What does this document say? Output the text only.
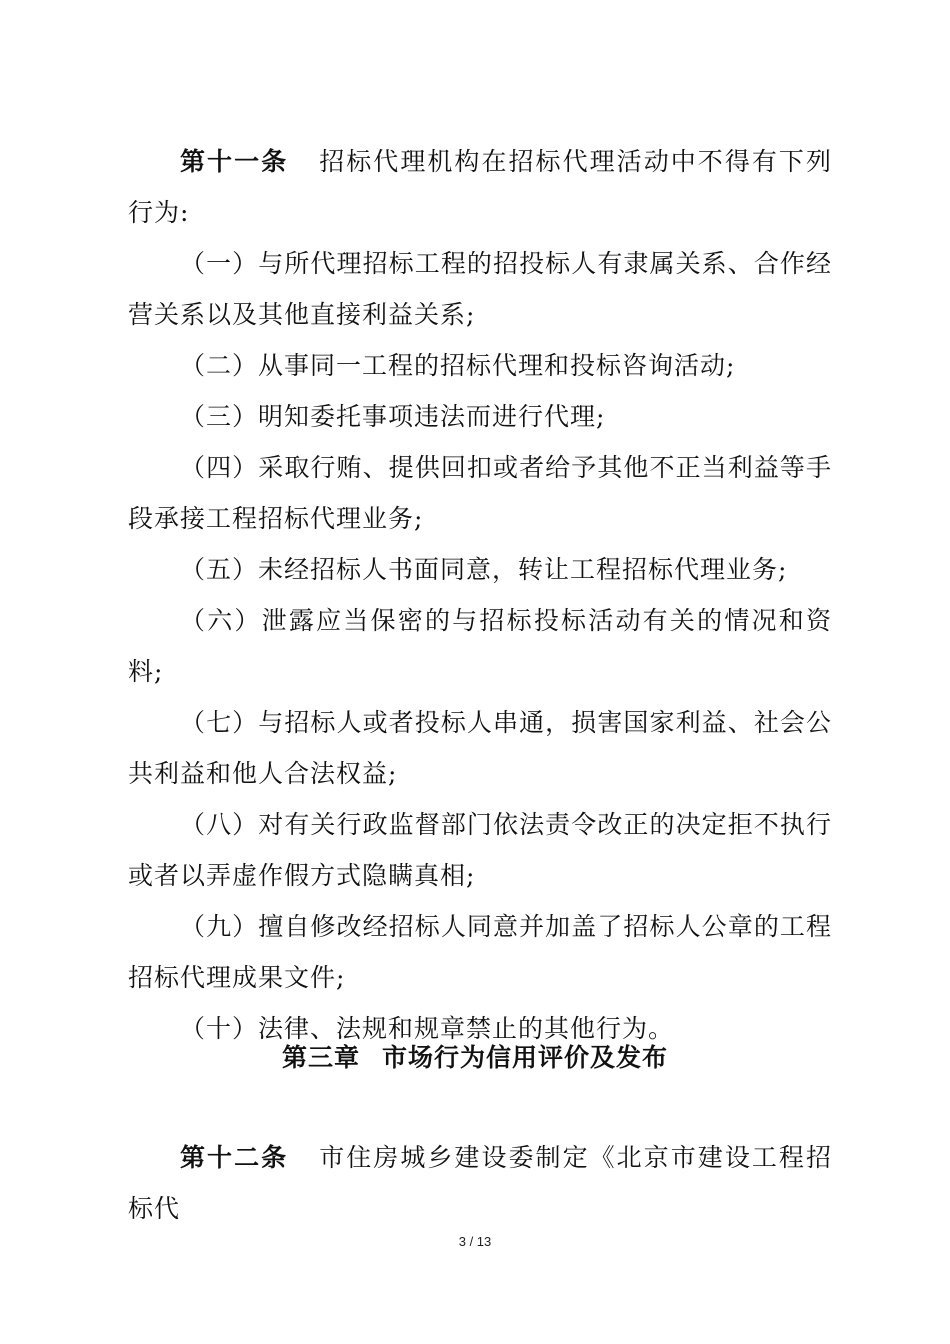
第十一条 招标代理机构在招标代理活动中不得有下列行为:

（一）与所代理招标工程的招投标人有隶属关系、合作经营关系以及其他直接利益关系;

（二）从事同一工程的招标代理和投标咨询活动;

（三）明知委托事项违法而进行代理;

（四）采取行贿、提供回扣或者给予其他不正当利益等手段承接工程招标代理业务;

（五）未经招标人书面同意，转让工程招标代理业务;

（六）泄露应当保密的与招标投标活动有关的情况和资料;

（七）与招标人或者投标人串通，损害国家利益、社会公共利益和他人合法权益;

（八）对有关行政监督部门依法责令改正的决定拒不执行或者以弄虚作假方式隐瞒真相;

（九）擅自修改经招标人同意并加盖了招标人公章的工程招标代理成果文件;

（十）法律、法规和规章禁止的其他行为。

第三章 市场行为信用评价及发布

第十二条 市住房城乡建设委制定《北京市建设工程招标代

3 / 13
